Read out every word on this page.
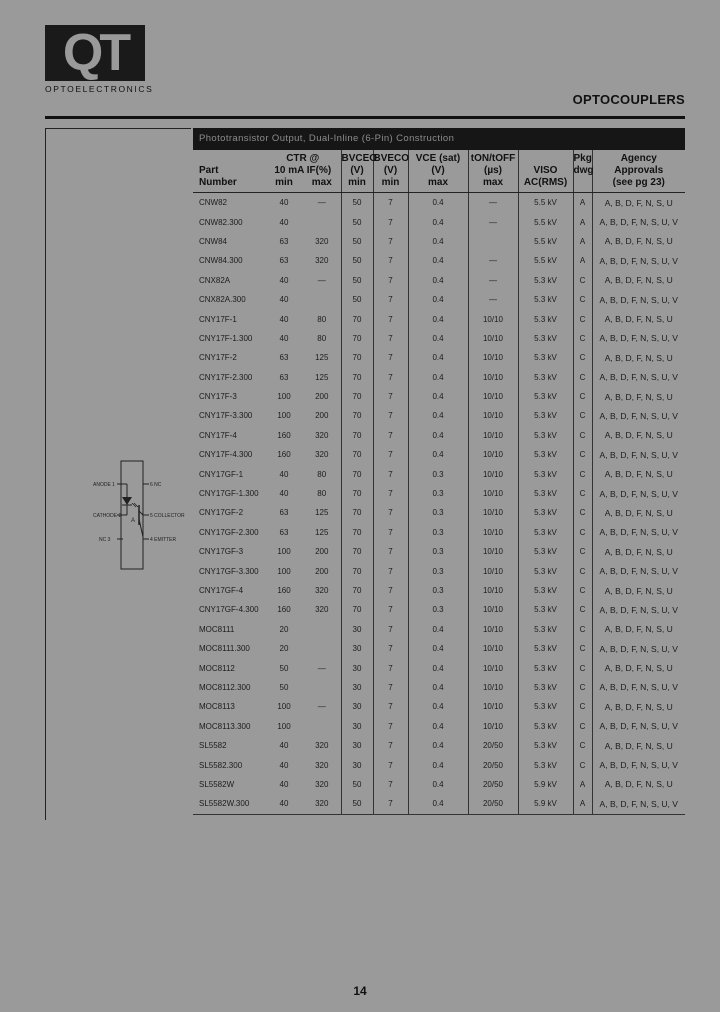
QT
OPTOELECTRONICS
OPTOCOUPLERS
ANODE 1
CATHODE 2
NC 3
6 NC
5 COLLECTOR
4 EMITTER
A
Phototransistor Output, Dual-Inline (6-Pin) Construction
	CTR @		BVCEO	BVECO	VCE (sat)	tON/tOFF		Pkg	Agency
Part	10 mA IF(%)		(V)	(V)	(V)	(µs)	VISO	dwg	Approvals
Number	min	max	min	min	max	max	AC(RMS)		(see pg 23)
CNW82	40	—	50	7	0.4	—	5.5 kV	A	A, B, D, F, N, S, U
CNW82.300	40		50	7	0.4	—	5.5 kV	A	A, B, D, F, N, S, U, V
CNW84	63	320	50	7	0.4		5.5 kV	A	A, B, D, F, N, S, U
CNW84.300	63	320	50	7	0.4	—	5.5 kV	A	A, B, D, F, N, S, U, V
CNX82A	40	—	50	7	0.4	—	5.3 kV	C	A, B, D, F, N, S, U
CNX82A.300	40		50	7	0.4	—	5.3 kV	C	A, B, D, F, N, S, U, V
CNY17F-1	40	80	70	7	0.4	10/10	5.3 kV	C	A, B, D, F, N, S, U
CNY17F-1.300	40	80	70	7	0.4	10/10	5.3 kV	C	A, B, D, F, N, S, U, V
CNY17F-2	63	125	70	7	0.4	10/10	5.3 kV	C	A, B, D, F, N, S, U
CNY17F-2.300	63	125	70	7	0.4	10/10	5.3 kV	C	A, B, D, F, N, S, U, V
CNY17F-3	100	200	70	7	0.4	10/10	5.3 kV	C	A, B, D, F, N, S, U
CNY17F-3.300	100	200	70	7	0.4	10/10	5.3 kV	C	A, B, D, F, N, S, U, V
CNY17F-4	160	320	70	7	0.4	10/10	5.3 kV	C	A, B, D, F, N, S, U
CNY17F-4.300	160	320	70	7	0.4	10/10	5.3 kV	C	A, B, D, F, N, S, U, V
CNY17GF-1	40	80	70	7	0.3	10/10	5.3 kV	C	A, B, D, F, N, S, U
CNY17GF-1.300	40	80	70	7	0.3	10/10	5.3 kV	C	A, B, D, F, N, S, U, V
CNY17GF-2	63	125	70	7	0.3	10/10	5.3 kV	C	A, B, D, F, N, S, U
CNY17GF-2.300	63	125	70	7	0.3	10/10	5.3 kV	C	A, B, D, F, N, S, U, V
CNY17GF-3	100	200	70	7	0.3	10/10	5.3 kV	C	A, B, D, F, N, S, U
CNY17GF-3.300	100	200	70	7	0.3	10/10	5.3 kV	C	A, B, D, F, N, S, U, V
CNY17GF-4	160	320	70	7	0.3	10/10	5.3 kV	C	A, B, D, F, N, S, U
CNY17GF-4.300	160	320	70	7	0.3	10/10	5.3 kV	C	A, B, D, F, N, S, U, V
MOC8111	20		30	7	0.4	10/10	5.3 kV	C	A, B, D, F, N, S, U
MOC8111.300	20		30	7	0.4	10/10	5.3 kV	C	A, B, D, F, N, S, U, V
MOC8112	50	—	30	7	0.4	10/10	5.3 kV	C	A, B, D, F, N, S, U
MOC8112.300	50		30	7	0.4	10/10	5.3 kV	C	A, B, D, F, N, S, U, V
MOC8113	100	—	30	7	0.4	10/10	5.3 kV	C	A, B, D, F, N, S, U
MOC8113.300	100		30	7	0.4	10/10	5.3 kV	C	A, B, D, F, N, S, U, V
SL5582	40	320	30	7	0.4	20/50	5.3 kV	C	A, B, D, F, N, S, U
SL5582.300	40	320	30	7	0.4	20/50	5.3 kV	C	A, B, D, F, N, S, U, V
SL5582W	40	320	50	7	0.4	20/50	5.9 kV	A	A, B, D, F, N, S, U
SL5582W.300	40	320	50	7	0.4	20/50	5.9 kV	A	A, B, D, F, N, S, U, V
14
